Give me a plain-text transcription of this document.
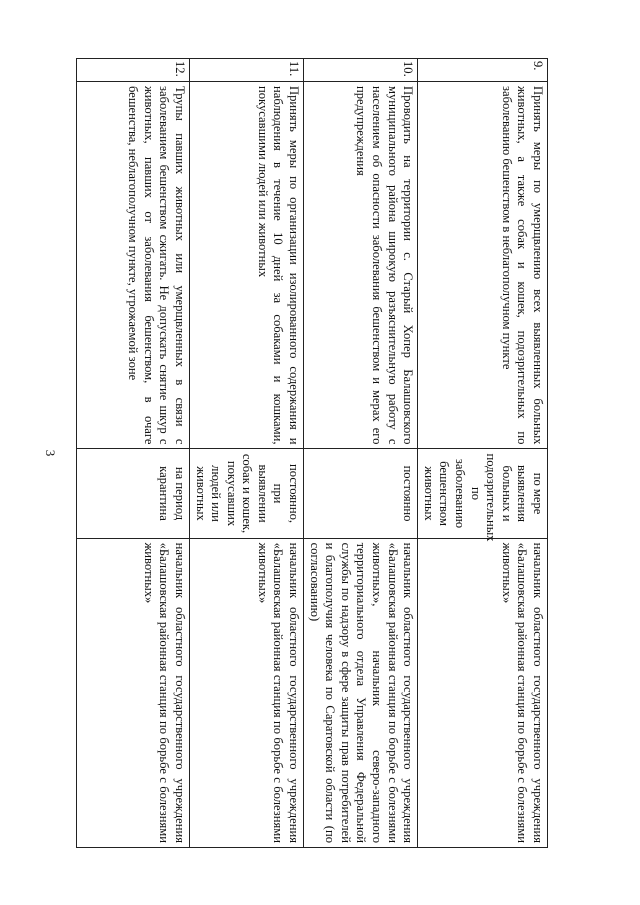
3
9.	Принять меры по умерщвлению всех выявленных больных животных, а также собак и кошек, подозрительных по заболеванию бешенством в неблагополучном пункте	по мере выявления больных и подозрительных по заболеванию бешенством животных	начальник областного государственного учреждения «Балашовская районная станция по борьбе с болезнями животных»
10.	Проводить на территории с. Старый Хопер Балашовского муниципального района широкую разъяснительную работу с населением об опасности заболевания бешенством и мерах его предупреждения	постоянно	начальник областного государственного учреждения «Балашовская районная станция по борьбе с болезнями животных», начальник северо-западного территориального отдела Управления Федеральной службы по надзору в сфере защиты прав потребителей и благополучия человека по Саратовской области (по согласованию)
11.	Принять меры по организации изолированного содержания и наблюдения в течение 10 дней за собаками и кошками, покусавшими людей или животных	постоянно, при выявлении собак и кошек, покусавших людей или животных	начальник областного государственного учреждения «Балашовская районная станция по борьбе с болезнями животных»
12.	Трупы павших животных или умерщвленных в связи с заболеванием бешенством сжигать. Не допускать снятие шкур с животных, павших от заболевания бешенством, в очаге бешенства, неблагополучном пункте, угрожаемой зоне	на период карантина	начальник областного государственного учреждения «Балашовская районная станция по борьбе с болезнями животных»
